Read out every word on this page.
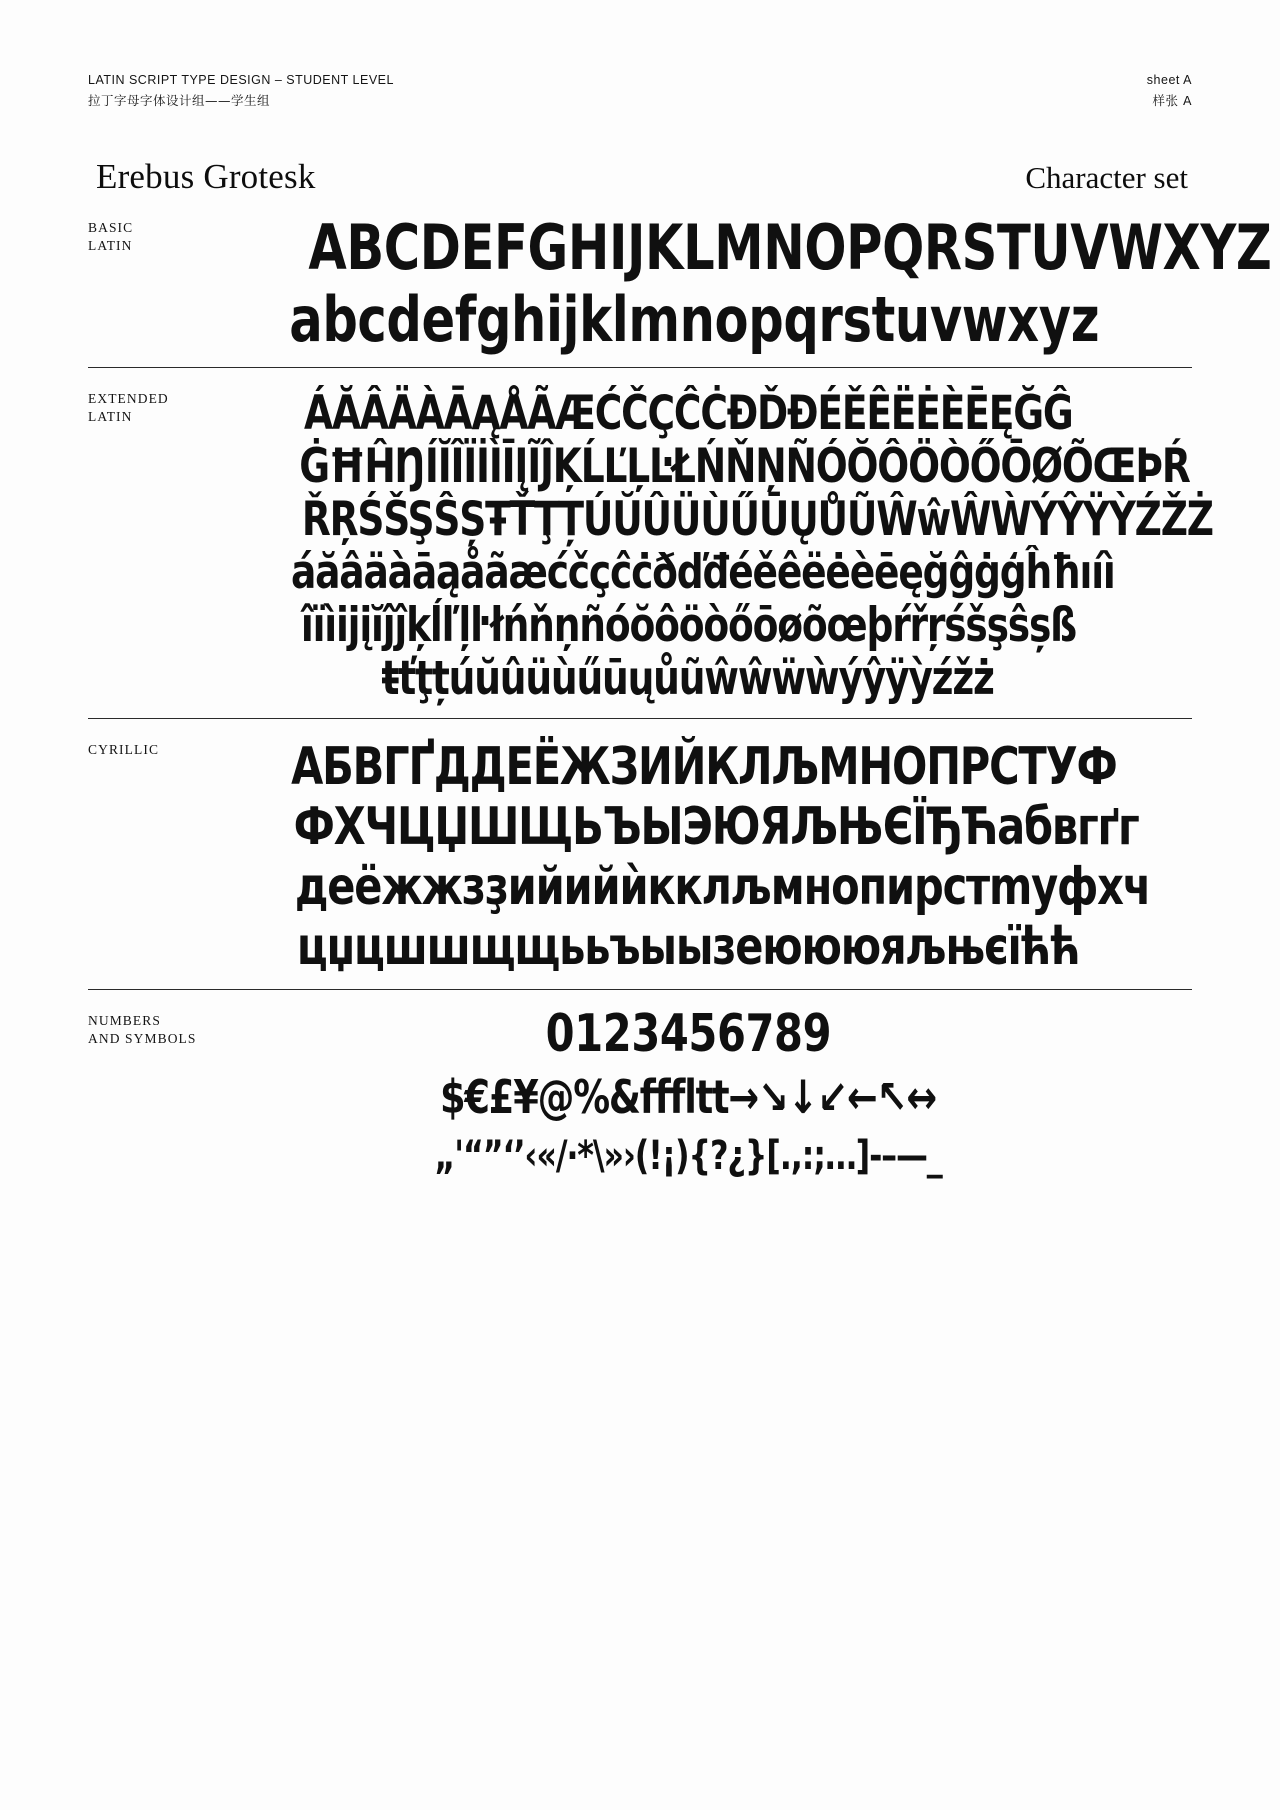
LATIN SCRIPT TYPE DESIGN – STUDENT LEVEL
拉丁字母字体设计组——学生组
sheet A
样张 A
Erebus Grotesk	Character set
BASIC
LATIN	ABCDEFGHIJKLMNOPQRSTUVWXYZ
abcdefghijklmnopqrstuvwxyz
EXTENDED
LATIN	ÁĂÂÄÀĀĄÅÃÆĆČÇĈĊÐĎĐÉĚÊËĖÈĒĘĞĜ
ĠĦĤŊÍĬÎÏİÌĪĮĨĴĶĹĽĻĿŁŃŇŅÑÓŎÔÖÒŐŌØÕŒÞŔ
ŘŖŚŠŞŜȘŦŤŢȚÚŬÛÜÙŰŪŲŮŨŴŵŴẀÝŶŸỲŹŽŻ
áăâäàāąåãæćčçĉċðďđéěêëėèēęğĝġģĥħıíì
îïìijįĭĵĵķĺľļŀłńňņñóŏôöòőōøõœþŕřŗśšşŝșß
ŧťţțúŭûüùűūųůũŵŵẅẁýŷÿỳźžż
CYRILLIC	АБВГҐДДЕЁЖЗИЙКЛЉМНОПРСТУФ
ФХЧЦЏШЩЬЪЫЭЮЯЉЊЄЇЂЋабвгґг
деёжжзҙийийѝкклљмнопирстmуфхч
цџцшшщщььъыызеюююяљњєїћћ
NUMBERS
AND SYMBOLS	0123456789
$€£¥@%&fffltt→↘↓↙←↖↔
„'“”‘’‹«/·*\»›(!¡){?¿}[.,:;…]-–—_
